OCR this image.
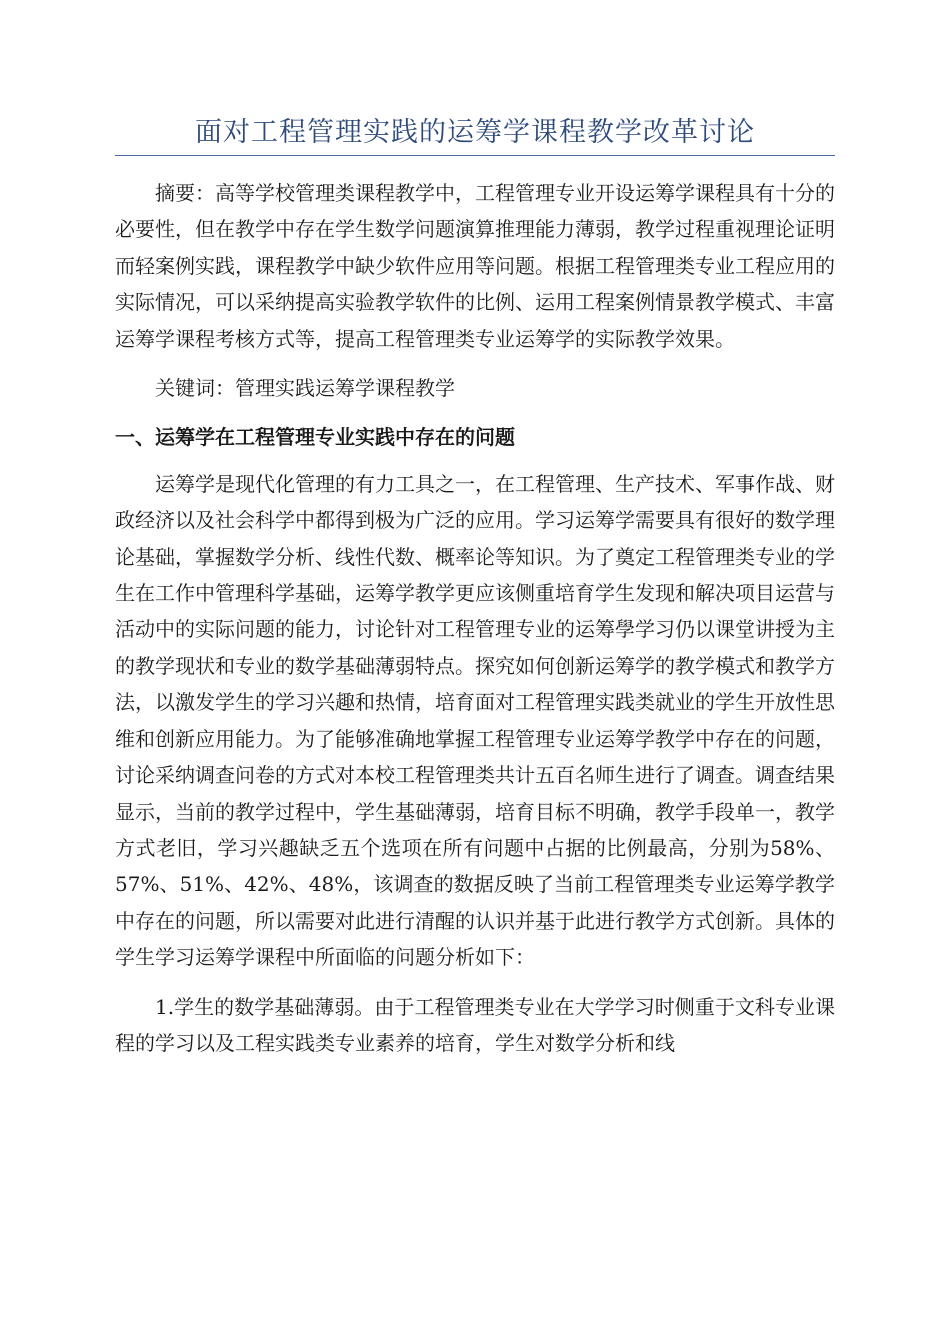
面对工程管理实践的运筹学课程教学改革讨论

摘要：高等学校管理类课程教学中，工程管理专业开设运筹学课程具有十分的必要性，但在教学中存在学生数学问题演算推理能力薄弱，教学过程重视理论证明而轻案例实践，课程教学中缺少软件应用等问题。根据工程管理类专业工程应用的实际情况，可以采纳提高实验教学软件的比例、运用工程案例情景教学模式、丰富运筹学课程考核方式等，提高工程管理类专业运筹学的实际教学效果。

关键词：管理实践运筹学课程教学

一、运筹学在工程管理专业实践中存在的问题

运筹学是现代化管理的有力工具之一，在工程管理、生产技术、军事作战、财政经济以及社会科学中都得到极为广泛的应用。学习运筹学需要具有很好的数学理论基础，掌握数学分析、线性代数、概率论等知识。为了奠定工程管理类专业的学生在工作中管理科学基础，运筹学教学更应该侧重培育学生发现和解决项目运营与活动中的实际问题的能力，讨论针对工程管理专业的运筹學学习仍以课堂讲授为主的教学现状和专业的数学基础薄弱特点。探究如何创新运筹学的教学模式和教学方法，以激发学生的学习兴趣和热情，培育面对工程管理实践类就业的学生开放性思维和创新应用能力。为了能够准确地掌握工程管理专业运筹学教学中存在的问题，讨论采纳调查问卷的方式对本校工程管理类共计五百名师生进行了调查。调查结果显示，当前的教学过程中，学生基础薄弱，培育目标不明确，教学手段单一，教学方式老旧，学习兴趣缺乏五个选项在所有问题中占据的比例最高，分别为58%、57%、51%、42%、48%，该调查的数据反映了当前工程管理类专业运筹学教学中存在的问题，所以需要对此进行清醒的认识并基于此进行教学方式创新。具体的学生学习运筹学课程中所面临的问题分析如下：

1.学生的数学基础薄弱。由于工程管理类专业在大学学习时侧重于文科专业课程的学习以及工程实践类专业素养的培育，学生对数学分析和线
